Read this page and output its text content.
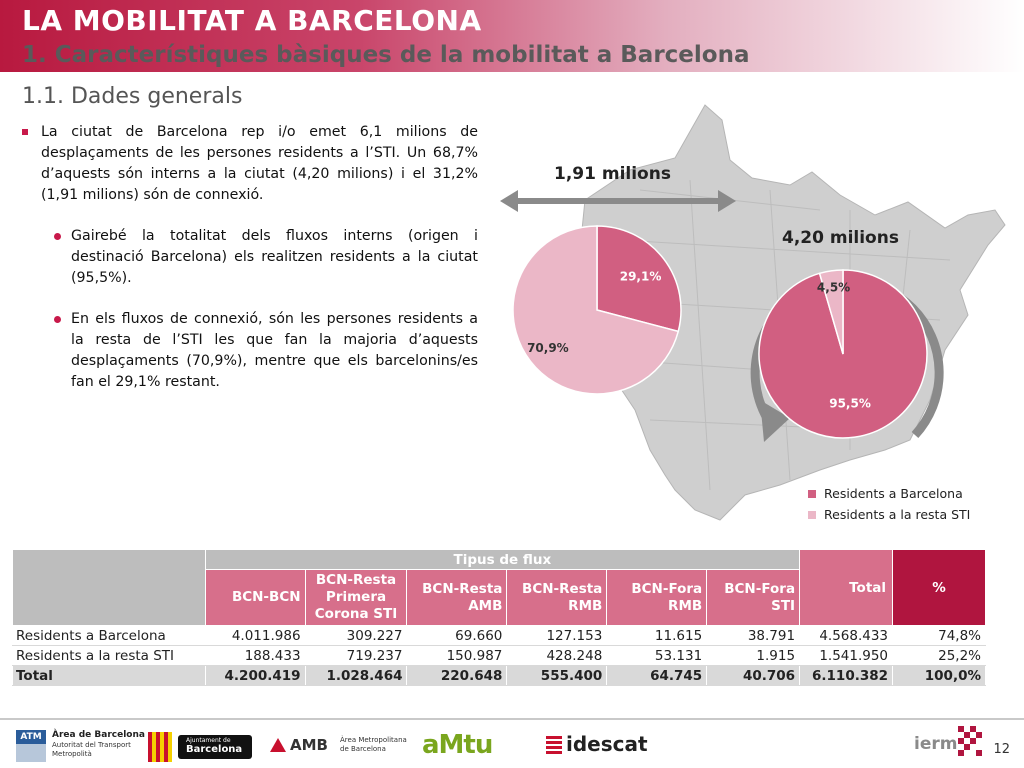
LA MOBILITAT A BARCELONA
1. Característiques bàsiques de la mobilitat a Barcelona
1.1. Dades generals
La ciutat de Barcelona rep i/o emet 6,1 milions de desplaçaments de les persones residents a l’STI. Un 68,7% d’aquests són interns a la ciutat (4,20 milions) i el 31,2% (1,91 milions) són de connexió.
Gairebé la totalitat dels fluxos interns (origen i destinació Barcelona) els realitzen residents a la ciutat (95,5%).
En els fluxos de connexió, són les persones residents a la resta de l’STI les que fan la majoria d’aquests desplaçaments (70,9%), mentre que els barcelonins/es fan el 29,1% restant.
29,1%
70,9%
95,5%
4,5%
1,91 milions
4,20 milions
Residents a Barcelona
Residents a la resta STI
	Tipus de flux						Total	%
	BCN-BCN	BCN-Resta Primera Corona STI	BCN-Resta AMB	BCN-Resta RMB	BCN-Fora RMB	BCN-Fora STI		
Residents a Barcelona	4.011.986	309.227	69.660	127.153	11.615	38.791	4.568.433	74,8%
Residents a la resta STI	188.433	719.237	150.987	428.248	53.131	1.915	1.541.950	25,2%
Total	4.200.419	1.028.464	220.648	555.400	64.745	40.706	6.110.382	100,0%
ATM	Àrea de Barcelona
Autoritat del Transport
Metropolità
Ajuntament de
Barcelona	AMB Àrea Metropolitana
de Barcelona aMtu	idescat	ierm	12
